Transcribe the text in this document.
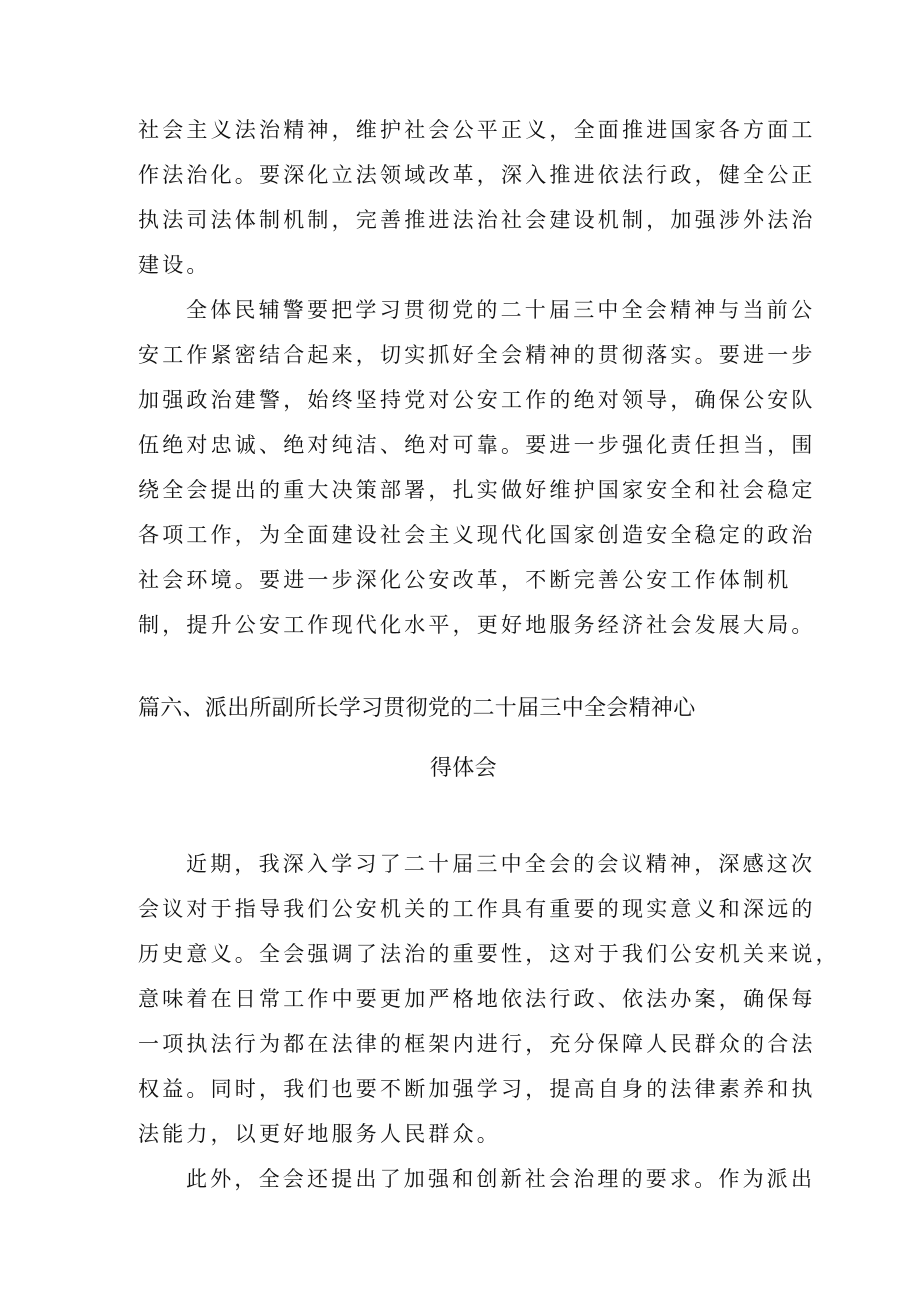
社会主义法治精神，维护社会公平正义，全面推进国家各方面工
作法治化。要深化立法领域改革，深入推进依法行政，健全公正
执法司法体制机制，完善推进法治社会建设机制，加强涉外法治
建设。
全体民辅警要把学习贯彻党的二十届三中全会精神与当前公
安工作紧密结合起来，切实抓好全会精神的贯彻落实。要进一步
加强政治建警，始终坚持党对公安工作的绝对领导，确保公安队
伍绝对忠诚、绝对纯洁、绝对可靠。要进一步强化责任担当，围
绕全会提出的重大决策部署，扎实做好维护国家安全和社会稳定
各项工作，为全面建设社会主义现代化国家创造安全稳定的政治
社会环境。要进一步深化公安改革，不断完善公安工作体制机
制，提升公安工作现代化水平，更好地服务经济社会发展大局。
篇六、派出所副所长学习贯彻党的二十届三中全会精神心
得体会
近期，我深入学习了二十届三中全会的会议精神，深感这次
会议对于指导我们公安机关的工作具有重要的现实意义和深远的
历史意义。全会强调了法治的重要性，这对于我们公安机关来说，
意味着在日常工作中要更加严格地依法行政、依法办案，确保每
一项执法行为都在法律的框架内进行，充分保障人民群众的合法
权益。同时，我们也要不断加强学习，提高自身的法律素养和执
法能力，以更好地服务人民群众。
此外，全会还提出了加强和创新社会治理的要求。作为派出
